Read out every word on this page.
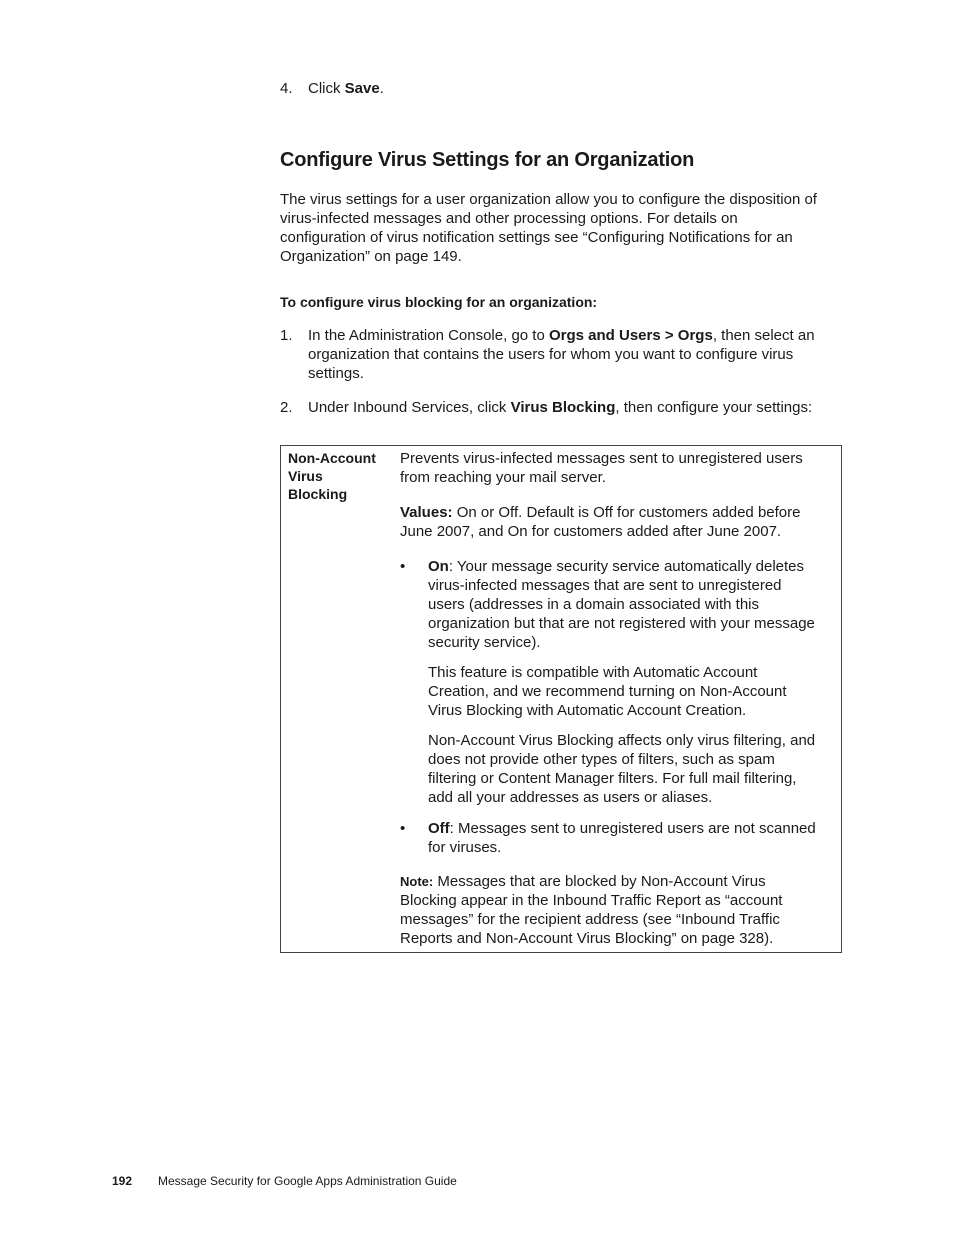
4. Click Save.
Configure Virus Settings for an Organization
The virus settings for a user organization allow you to configure the disposition of
virus-infected messages and other processing options. For details on
configuration of virus notification settings see “Configuring Notifications for an
Organization” on page 149.
To configure virus blocking for an organization:
1. In the Administration Console, go to Orgs and Users > Orgs, then select an
organization that contains the users for whom you want to configure virus
settings.
2. Under Inbound Services, click Virus Blocking, then configure your settings:
Non-Account
Virus
Blocking
Prevents virus-infected messages sent to unregistered users
from reaching your mail server.
Values: On or Off. Default is Off for customers added before
June 2007, and On for customers added after June 2007.
• On: Your message security service automatically deletes
virus-infected messages that are sent to unregistered
users (addresses in a domain associated with this
organization but that are not registered with your message
security service).
This feature is compatible with Automatic Account
Creation, and we recommend turning on Non-Account
Virus Blocking with Automatic Account Creation.
Non-Account Virus Blocking affects only virus filtering, and
does not provide other types of filters, such as spam
filtering or Content Manager filters. For full mail filtering,
add all your addresses as users or aliases.
• Off: Messages sent to unregistered users are not scanned
for viruses.
Note: Messages that are blocked by Non-Account Virus
Blocking appear in the Inbound Traffic Report as “account
messages” for the recipient address (see “Inbound Traffic
Reports and Non-Account Virus Blocking” on page 328).
192 Message Security for Google Apps Administration Guide
